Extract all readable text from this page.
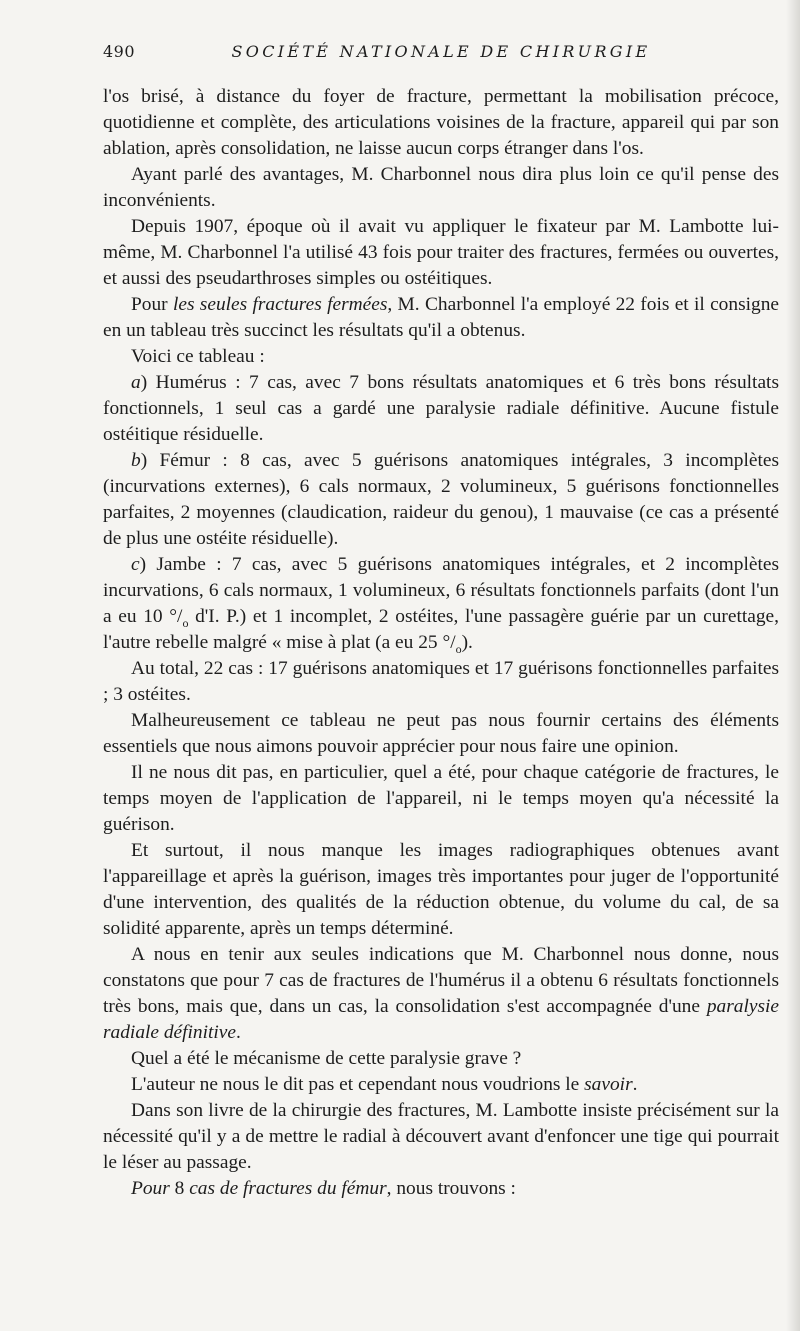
490	SOCIÉTÉ NATIONALE DE CHIRURGIE

l'os brisé, à distance du foyer de fracture, permettant la mobilisation précoce, quotidienne et complète, des articulations voisines de la fracture, appareil qui par son ablation, après consolidation, ne laisse aucun corps étranger dans l'os.

Ayant parlé des avantages, M. Charbonnel nous dira plus loin ce qu'il pense des inconvénients.

Depuis 1907, époque où il avait vu appliquer le fixateur par M. Lambotte lui-même, M. Charbonnel l'a utilisé 43 fois pour traiter des fractures, fermées ou ouvertes, et aussi des pseudarthroses simples ou ostéitiques.

Pour les seules fractures fermées, M. Charbonnel l'a employé 22 fois et il consigne en un tableau très succinct les résultats qu'il a obtenus.

Voici ce tableau :

a) Humérus : 7 cas, avec 7 bons résultats anatomiques et 6 très bons résultats fonctionnels, 1 seul cas a gardé une paralysie radiale définitive. Aucune fistule ostéitique résiduelle.

b) Fémur : 8 cas, avec 5 guérisons anatomiques intégrales, 3 incomplètes (incurvations externes), 6 cals normaux, 2 volumineux, 5 guérisons fonctionnelles parfaites, 2 moyennes (claudication, raideur du genou), 1 mauvaise (ce cas a présenté de plus une ostéite résiduelle).

c) Jambe : 7 cas, avec 5 guérisons anatomiques intégrales, et 2 incomplètes incurvations, 6 cals normaux, 1 volumineux, 6 résultats fonctionnels parfaits (dont l'un a eu 10 $^\circ/_o$ d'I. P.) et 1 incomplet, 2 ostéites, l'une passagère guérie par un curettage, l'autre rebelle malgré « mise à plat (a eu 25 $^\circ/_o$).

Au total, 22 cas : 17 guérisons anatomiques et 17 guérisons fonctionnelles parfaites ; 3 ostéites.

Malheureusement ce tableau ne peut pas nous fournir certains des éléments essentiels que nous aimons pouvoir apprécier pour nous faire une opinion.

Il ne nous dit pas, en particulier, quel a été, pour chaque catégorie de fractures, le temps moyen de l'application de l'appareil, ni le temps moyen qu'a nécessité la guérison.

Et surtout, il nous manque les images radiographiques obtenues avant l'appareillage et après la guérison, images très importantes pour juger de l'opportunité d'une intervention, des qualités de la réduction obtenue, du volume du cal, de sa solidité apparente, après un temps déterminé.

A nous en tenir aux seules indications que M. Charbonnel nous donne, nous constatons que pour 7 cas de fractures de l'humérus il a obtenu 6 résultats fonctionnels très bons, mais que, dans un cas, la consolidation s'est accompagnée d'une paralysie radiale définitive.

Quel a été le mécanisme de cette paralysie grave ?

L'auteur ne nous le dit pas et cependant nous voudrions le savoir.

Dans son livre de la chirurgie des fractures, M. Lambotte insiste précisément sur la nécessité qu'il y a de mettre le radial à découvert avant d'enfoncer une tige qui pourrait le léser au passage.

Pour 8 cas de fractures du fémur, nous trouvons :
